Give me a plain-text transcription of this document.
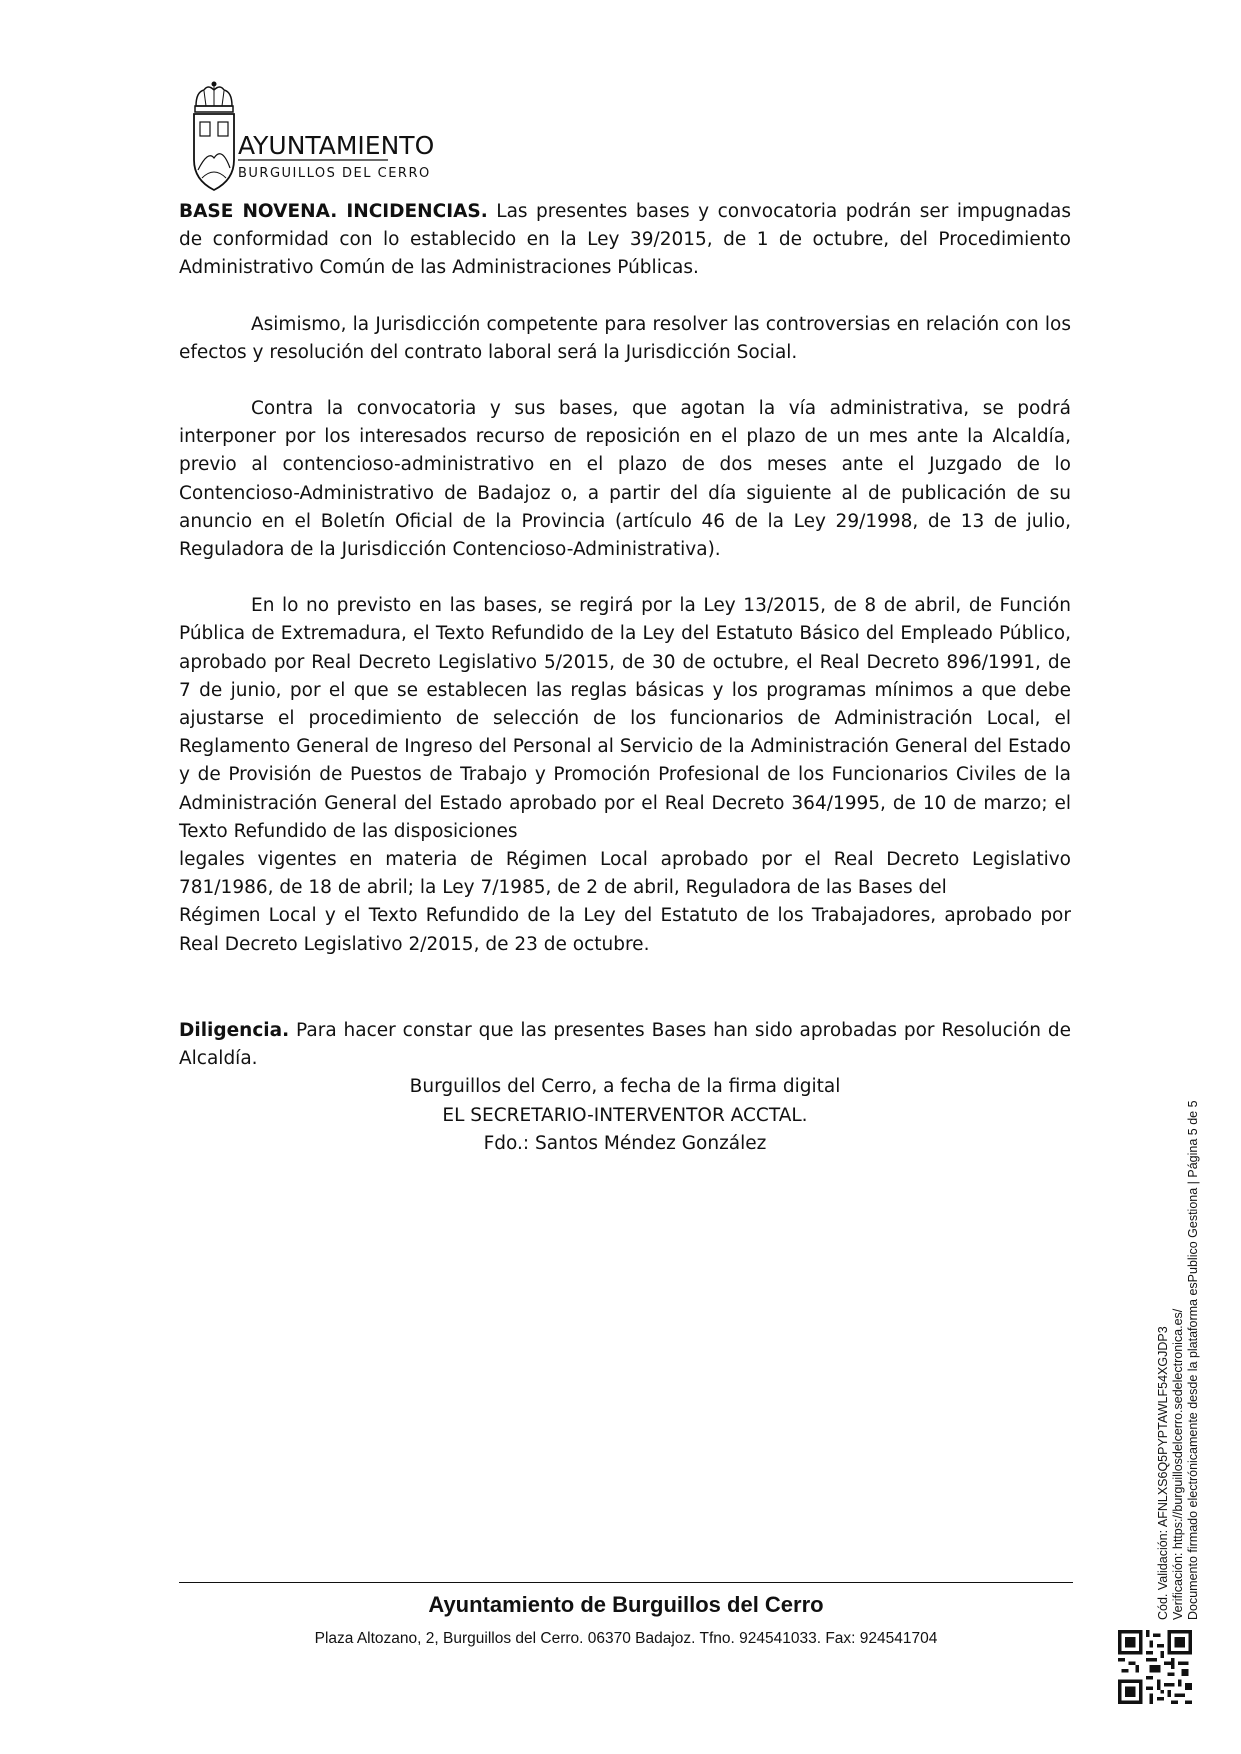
AYUNTAMIENTO
BURGUILLOS DEL CERRO

BASE NOVENA. INCIDENCIAS. Las presentes bases y convocatoria podrán ser impugnadas de conformidad con lo establecido en la Ley 39/2015, de 1 de octubre, del Procedimiento Administrativo Común de las Administraciones Públicas.

Asimismo, la Jurisdicción competente para resolver las controversias en relación con los efectos y resolución del contrato laboral será la Jurisdicción Social.

Contra la convocatoria y sus bases, que agotan la vía administrativa, se podrá interponer por los interesados recurso de reposición en el plazo de un mes ante la Alcaldía, previo al contencioso-administrativo en el plazo de dos meses ante el Juzgado de lo Contencioso-Administrativo de Badajoz o, a partir del día siguiente al de publicación de su anuncio en el Boletín Oficial de la Provincia (artículo 46 de la Ley 29/1998, de 13 de julio, Reguladora de la Jurisdicción Contencioso-Administrativa).

En lo no previsto en las bases, se regirá por la Ley 13/2015, de 8 de abril, de Función Pública de Extremadura, el Texto Refundido de la Ley del Estatuto Básico del Empleado Público, aprobado por Real Decreto Legislativo 5/2015, de 30 de octubre, el Real Decreto 896/1991, de 7 de junio, por el que se establecen las reglas básicas y los programas mínimos a que debe ajustarse el procedimiento de selección de los funcionarios de Administración Local, el Reglamento General de Ingreso del Personal al Servicio de la Administración General del Estado y de Provisión de Puestos de Trabajo y Promoción Profesional de los Funcionarios Civiles de la Administración General del Estado aprobado por el Real Decreto 364/1995, de 10 de marzo; el Texto Refundido de las disposiciones

legales vigentes en materia de Régimen Local aprobado por el Real Decreto Legislativo 781/1986, de 18 de abril; la Ley 7/1985, de 2 de abril, Reguladora de las Bases del

Régimen Local y el Texto Refundido de la Ley del Estatuto de los Trabajadores, aprobado por Real Decreto Legislativo 2/2015, de 23 de octubre.

Diligencia. Para hacer constar que las presentes Bases han sido aprobadas por Resolución de Alcaldía.

Burguillos del Cerro, a fecha de la firma digital

EL SECRETARIO-INTERVENTOR ACCTAL.

Fdo.: Santos Méndez González

Ayuntamiento de Burguillos del Cerro
Plaza Altozano, 2, Burguillos del Cerro. 06370 Badajoz. Tfno. 924541033. Fax: 924541704
Cód. Validación: AFNLXS6Q5PYPTAWLF54XGJDP3 Verificación: https://burguillosdelcerro.sedelectronica.es/ Documento firmado electrónicamente desde la plataforma esPublico Gestiona | Página 5 de 5
